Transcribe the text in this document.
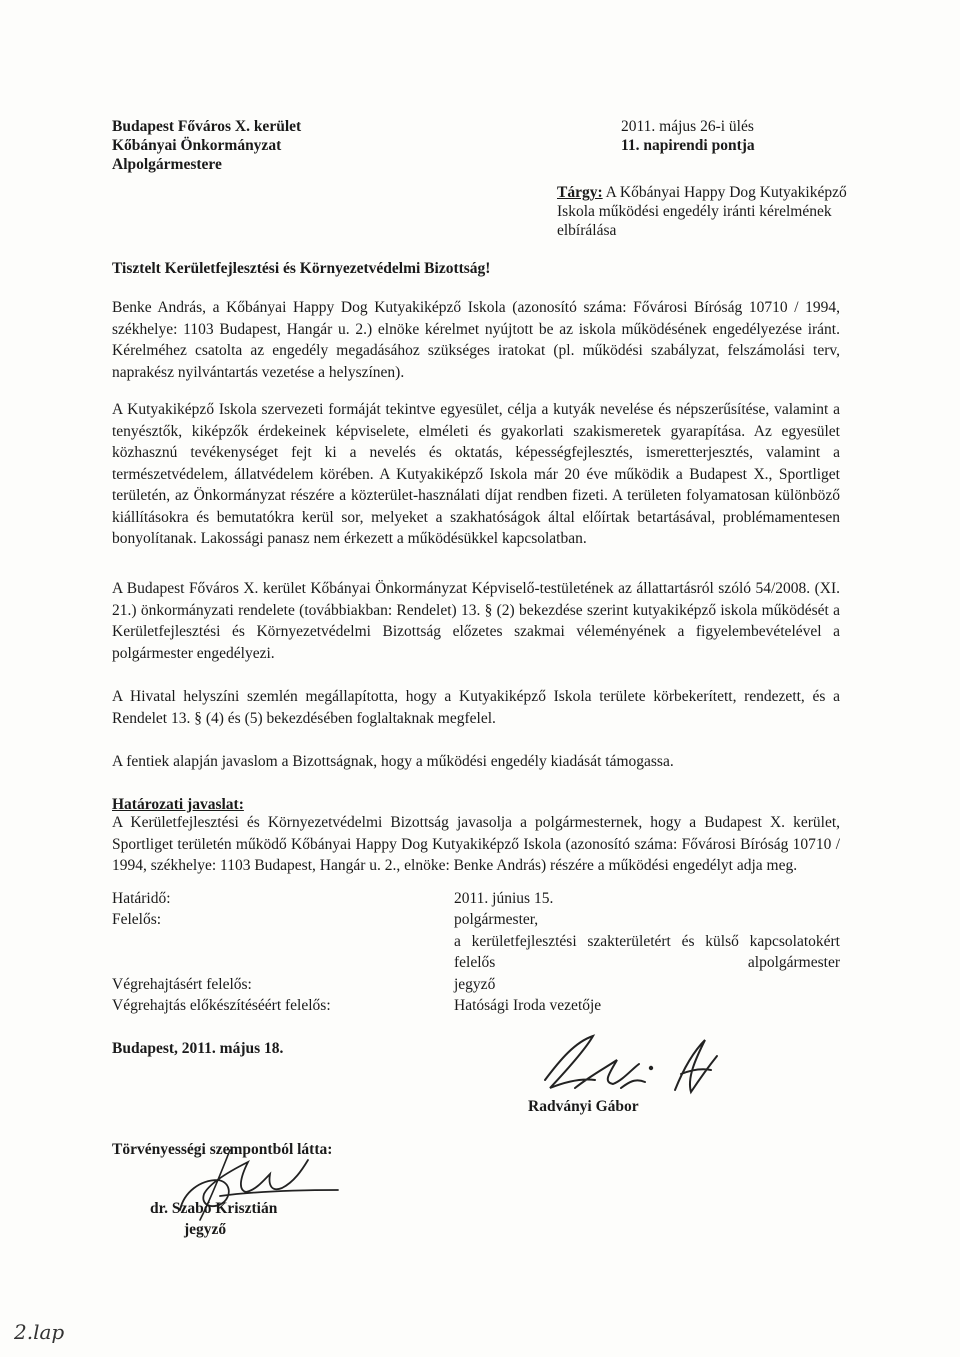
Budapest Főváros X. kerület
Kőbányai Önkormányzat
Alpolgármestere
2011. május 26-i ülés
11. napirendi pontja
Tárgy: A Kőbányai Happy Dog Kutyakiképző Iskola működési engedély iránti kérelmének elbírálása
Tisztelt Kerületfejlesztési és Környezetvédelmi Bizottság!

Benke András, a Kőbányai Happy Dog Kutyakiképző Iskola (azonosító száma: Fővárosi Bíróság 10710 / 1994, székhelye: 1103 Budapest, Hangár u. 2.) elnöke kérelmet nyújtott be az iskola működésének engedélyezése iránt. Kérelméhez csatolta az engedély megadásához szükséges iratokat (pl. működési szabályzat, felszámolási terv, naprakész nyilvántartás vezetése a helyszínen).

A Kutyakiképző Iskola szervezeti formáját tekintve egyesület, célja a kutyák nevelése és népszerűsítése, valamint a tenyésztők, kiképzők érdekeinek képviselete, elméleti és gyakorlati szakismeretek gyarapítása. Az egyesület közhasznú tevékenységet fejt ki a nevelés és oktatás, képességfejlesztés, ismeretterjesztés, valamint a természetvédelem, állatvédelem körében. A Kutyakiképző Iskola már 20 éve működik a Budapest X., Sportliget területén, az Önkormányzat részére a közterület-használati díjat rendben fizeti. A területen folyamatosan különböző kiállításokra és bemutatókra kerül sor, melyeket a szakhatóságok által előírtak betartásával, problémamentesen bonyolítanak. Lakossági panasz nem érkezett a működésükkel kapcsolatban.

A Budapest Főváros X. kerület Kőbányai Önkormányzat Képviselő-testületének az állattartásról szóló 54/2008. (XI. 21.) önkormányzati rendelete (továbbiakban: Rendelet) 13. § (2) bekezdése szerint kutyakiképző iskola működését a Kerületfejlesztési és Környezetvédelmi Bizottság előzetes szakmai véleményének a figyelembevételével a polgármester engedélyezi.

A Hivatal helyszíni szemlén megállapította, hogy a Kutyakiképző Iskola területe körbekerített, rendezett, és a Rendelet 13. § (4) és (5) bekezdésében foglaltaknak megfelel.

A fentiek alapján javaslom a Bizottságnak, hogy a működési engedély kiadását támogassa.

Határozati javaslat:

A Kerületfejlesztési és Környezetvédelmi Bizottság javasolja a polgármesternek, hogy a Budapest X. kerület, Sportliget területén működő Kőbányai Happy Dog Kutyakiképző Iskola (azonosító száma: Fővárosi Bíróság 10710 / 1994, székhelye: 1103 Budapest, Hangár u. 2., elnöke: Benke András) részére a működési engedélyt adja meg.

Határidő:	2011. június 15.
Felelős:	polgármester,
a kerületfejlesztési szakterületért és külső kapcsolatokért felelős alpolgármester
Végrehajtásért felelős:	jegyző
Végrehajtás előkészítéséért felelős:	Hatósági Iroda vezetője
Budapest, 2011. május 18.
Radványi Gábor
Törvényességi szempontból látta:
dr. Szabó Krisztián
jegyző
2.lap
